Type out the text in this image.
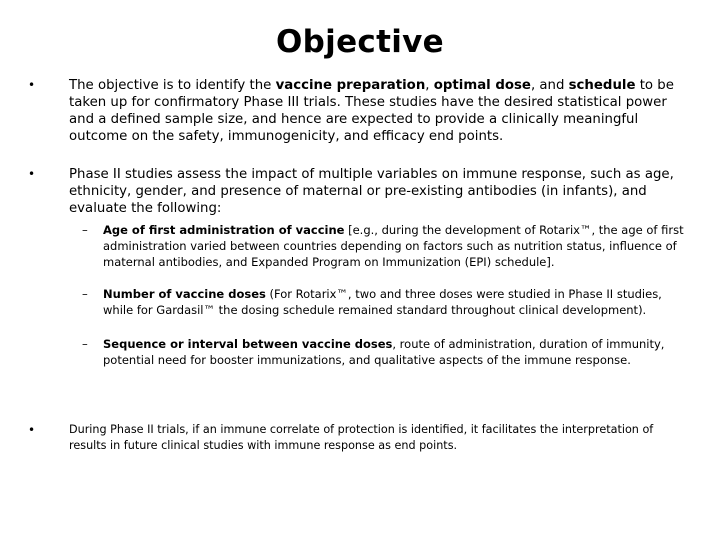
Objective
•	The objective is to identify the vaccine preparation, optimal dose, and schedule to be taken up for confirmatory Phase III trials. These studies have the desired statistical power and a defined sample size, and hence are expected to provide a clinically meaningful outcome on the safety, immunogenicity, and efficacy end points.
•	Phase II studies assess the impact of multiple variables on immune response, such as age, ethnicity, gender, and presence of maternal or pre-existing antibodies (in infants), and evaluate the following:
– Age of first administration of vaccine [e.g., during the development of Rotarix™, the age of first administration varied between countries depending on factors such as nutrition status, influence of maternal antibodies, and Expanded Program on Immunization (EPI) schedule].
– Number of vaccine doses (For Rotarix™, two and three doses were studied in Phase II studies, while for Gardasil™ the dosing schedule remained standard throughout clinical development).
– Sequence or interval between vaccine doses, route of administration, duration of immunity, potential need for booster immunizations, and qualitative aspects of the immune response.
•	During Phase II trials, if an immune correlate of protection is identified, it facilitates the interpretation of results in future clinical studies with immune response as end points.
